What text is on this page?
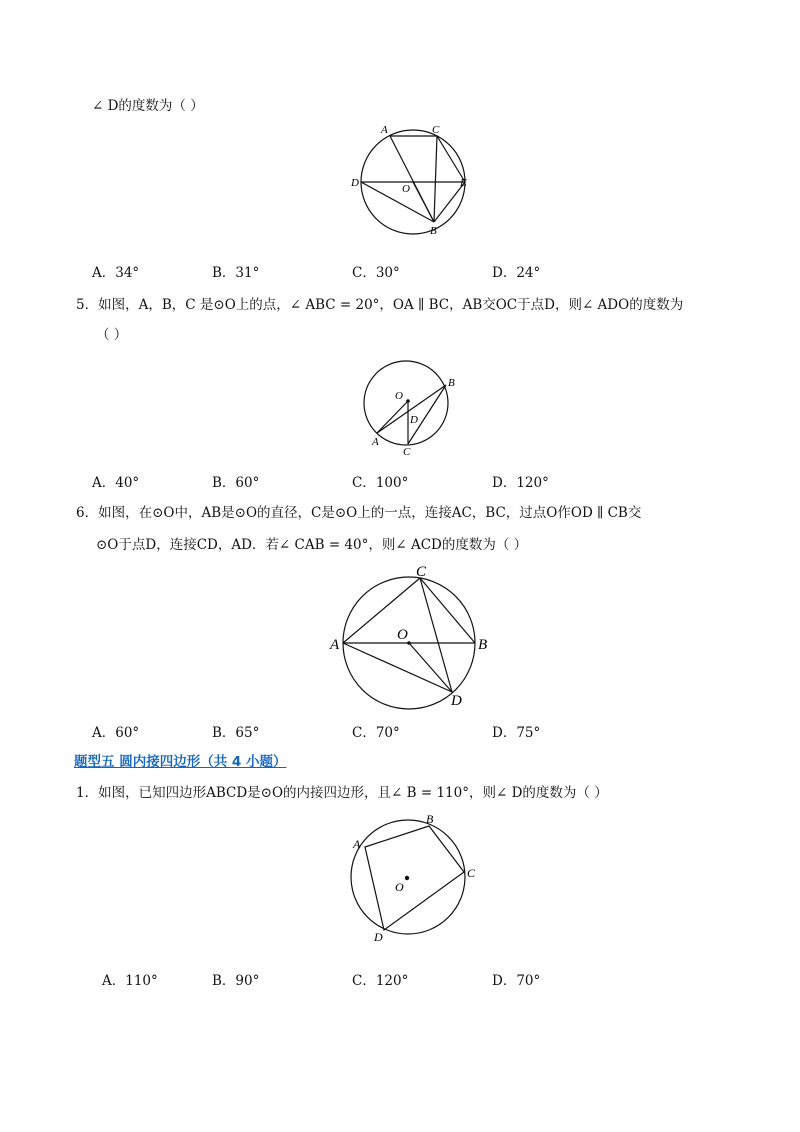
∠ D的度数为（ ）
A	C
D	O	E
B
A．34°	B．31°	C．30°	D．24°
5．如图，A，B，C 是⊙O上的点，∠ ABC = 20°，OA ∥ BC，AB交OC于点D，则∠ ADO的度数为
（ ）
O
B
D
A
C
A．40°	B．60°	C．100°	D．120°
6．如图，在⊙O中，AB是⊙O的直径，C是⊙O上的一点，连接AC，BC，过点O作OD ∥ CB交
⊙O于点D，连接CD，AD．若∠ CAB = 40°，则∠ ACD的度数为（ ）
C
A
O
B
D
A．60°	B．65°	C．70°	D．75°
题型五 圆内接四边形（共 4 小题）
1．如图，已知四边形ABCD是⊙O的内接四边形，且∠ B = 110°，则∠ D的度数为（ ）
A
B
C
O
D
A．110°	B．90°	C．120°	D．70°
